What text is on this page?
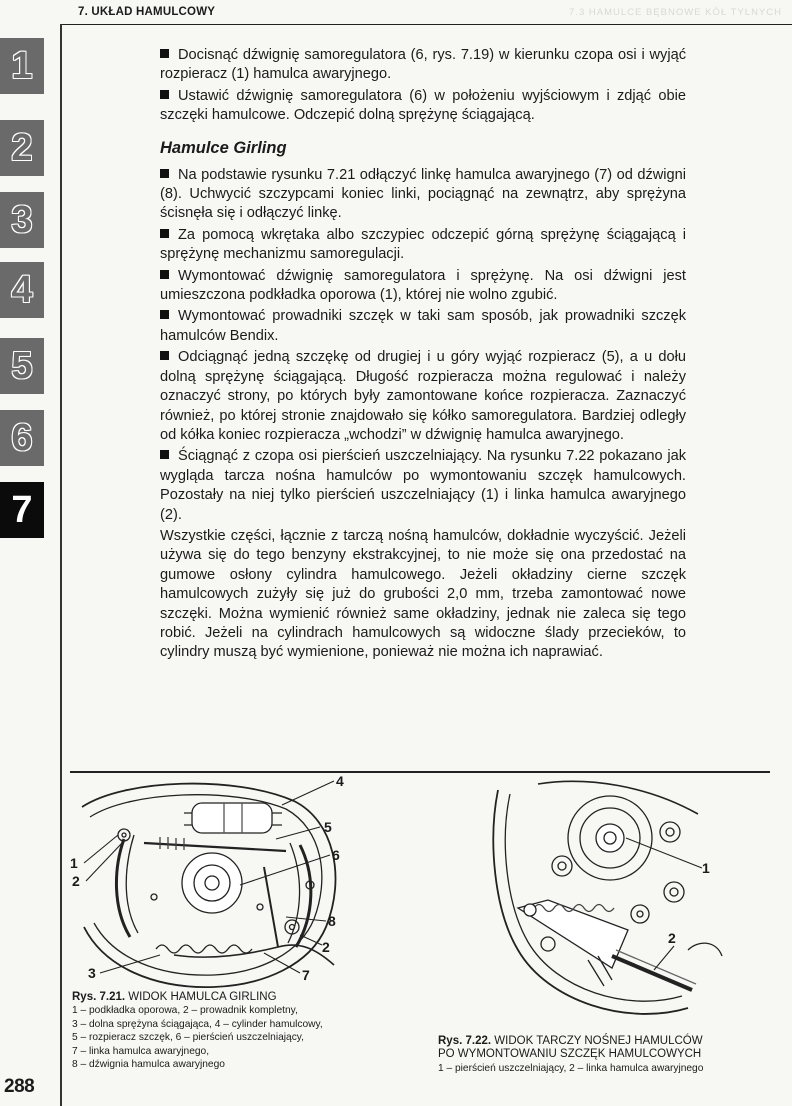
7. UKŁAD HAMULCOWY	7.3 HAMULCE BĘBNOWE KÓŁ TYLNYCH
1
2
3
4
5
6
7

Docisnąć dźwignię samoregulatora (6, rys. 7.19) w kierunku czopa osi i wyjąć rozpieracz (1) hamulca awaryjnego.

Ustawić dźwignię samoregulatora (6) w położeniu wyjściowym i zdjąć obie szczęki hamulcowe. Odczepić dolną sprężynę ściągającą.

Hamulce Girling

Na podstawie rysunku 7.21 odłączyć linkę hamulca awaryjnego (7) od dźwigni (8). Uchwycić szczypcami koniec linki, pociągnąć na zewnątrz, aby sprężyna ścisnęła się i odłączyć linkę.

Za pomocą wkrętaka albo szczypiec odczepić górną sprężynę ściągającą i sprężynę mechanizmu samoregulacji.

Wymontować dźwignię samoregulatora i sprężynę. Na osi dźwigni jest umieszczona podkładka oporowa (1), której nie wolno zgubić.

Wymontować prowadniki szczęk w taki sam sposób, jak prowadniki szczęk hamulców Bendix.

Odciągnąć jedną szczękę od drugiej i u góry wyjąć rozpieracz (5), a u dołu dolną sprężynę ściągającą. Długość rozpieracza można regulować i należy oznaczyć strony, po których były zamontowane końce rozpieracza. Zaznaczyć również, po której stronie znajdowało się kółko samoregulatora. Bardziej odległy od kółka koniec rozpieracza „wchodzi” w dźwignię hamulca awaryjnego.

Ściągnąć z czopa osi pierścień uszczelniający. Na rysunku 7.22 pokazano jak wygląda tarcza nośna hamulców po wymontowaniu szczęk hamulcowych. Pozostały na niej tylko pierścień uszczelniający (1) i linka hamulca awaryjnego (2).

Wszystkie części, łącznie z tarczą nośną hamulców, dokładnie wyczyścić. Jeżeli używa się do tego benzyny ekstrakcyjnej, to nie może się ona przedostać na gumowe osłony cylindra hamulcowego. Jeżeli okładziny cierne szczęk hamulcowych zużyły się już do grubości 2,0 mm, trzeba zamontować nowe szczęki. Można wymienić również same okładziny, jednak nie zaleca się tego robić. Jeżeli na cylindrach hamulcowych są widoczne ślady przecieków, to cylindry muszą być wymienione, ponieważ nie można ich naprawiać.

4
5
6
8
2
7
1
2
3
1
2
Rys. 7.21. WIDOK HAMULCA GIRLING
1 – podkładka oporowa, 2 – prowadnik kompletny,
3 – dolna sprężyna ściągająca, 4 – cylinder hamulcowy,
5 – rozpieracz szczęk, 6 – pierścień uszczelniający,
7 – linka hamulca awaryjnego,
8 – dźwignia hamulca awaryjnego
Rys. 7.22. WIDOK TARCZY NOŚNEJ HAMULCÓW
PO WYMONTOWANIU SZCZĘK HAMULCOWYCH
1 – pierścień uszczelniający, 2 – linka hamulca awaryjnego
288
